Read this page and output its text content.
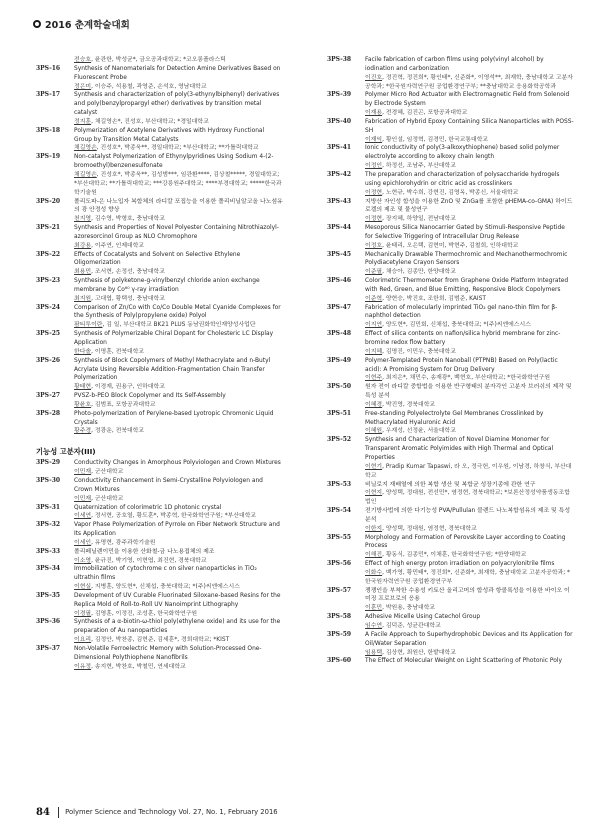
2016 춘계학술대회
전승호, 윤관한, 박성균*, 금오공과대학교; *코오롱플라스틱
3PS-16	Synthesis of Nanomaterials for Detection Amine Derivatives Based on Fluorescent Probe
정은미, 이승주, 석용철, 곽영준, 손석호, 영남대학교
3PS-17	Synthesis and characterization of poly(3-ethynylbiphenyl) derivatives and poly(benzylpropargyl ether) derivatives by transition metal catalyst
정지훈, 채길영손*, 진성호, 부산대학교; *경일대학교
3PS-18	Polymerization of Acetylene Derivatives with Hydroxy Functional Group by Transition Metal Catalysts
채길영손, 진성호*, 박종욱**, 경일대학교; *부산대학교; **가톨릭대학교
3PS-19	Non-catalyst Polymerization of Ethynylpyridines Using Sodium 4-(2-bromoethyl)benzenesulfonate
채길영손, 진성호*, 박종욱**, 김성범***, 임관환****, 김상철*****, 경일대학교; *부산대학교; **가톨릭대학교; ***강릉원주대학교; ****부경대학교; *****한국과학기술원
3PS-20	폴리도파-은 나노입자 복합체의 라디칼 포집능을 이용한 폴리비닐알코올 나노섬유의 광 안정성 향상
천지영, 김수영, 박형호, 충남대학교
3PS-21	Synthesis and Properties of Novel Polyester Containing Nitrothiazolyl-azoresorcinol Group as NLO Chromophore
최강용, 이주연, 인제대학교
3PS-22	Effects of Cocatalysts and Solvent on Selective Ethylene Oligomerization
최용민, 조서현, 손정선, 충남대학교
3PS-23	Synthesis of polyketone-g-vinylbenzyl chloride anion exchange membrane by Co⁶⁰ γ-ray irradiation
최지원, 고대엽, 황택성, 충남대학교
3PS-24	Comparison of Zn/Co with Co/Co Double Metal Cyanide Complexes for the Synthesis of Poly(propylene oxide) Polyol
팜티투이란, 김 일, 부산대학교 BK21 PLUS 동남권화학인재양성사업단
3PS-25	Synthesis of Polymerizable Chiral Dopant for Cholesteric LC Display Application
한다솔, 이명훈, 전북대학교
3PS-26	Synthesis of Block Copolymers of Methyl Methacrylate and n-Butyl Acrylate Using Reversible Addition-Fragmentation Chain Transfer Polymerization
황태현, 이경재, 권용구, 인하대학교
3PS-27	PVSZ-b-PEO Block Copolymer and Its Self-Assembly
황윤호, 김범표, 포항공과대학교
3PS-28	Photo-polymerization of Perylene-based Lyotropic Chromonic Liquid Crystals
황주경, 정광운, 전북대학교
기능성 고분자(III)
3PS-29	Conductivity Changes in Amorphous Polyviologen and Crown Mixtures
이민재, 군산대학교
3PS-30	Conductivity Enhancement in Semi-Crystalline Polyviologen and Crown Mixtures
이민재, 군산대학교
3PS-31	Quaternization of colorimetric 1D photonic crystal
이세연, 정서현, 공호열, 황도훈*, 박종혁, 한국화학연구원; *부산대학교
3PS-32	Vapor Phase Polymerization of Pyrrole on Fiber Network Structure and Its Application
이세인, 유명현, 광주과학기술원
3PS-33	폴리페닐렌이민을 이용한 산화철-금 나노용접체의 제조
이소영, 윤규진, 박기영, 이현엽, 최진현, 경북대학교
3PS-34	Immobilization of cytochrome c on silver nanoparticles in TiO₂ ultrathin films
이현실, 지병훈, 양도현*, 신채섭, 충북대학교; *(주)씨엔에스시스
3PS-35	Development of UV Curable Fluorinated Siloxane-based Resins for the Replica Mold of Roll-to-Roll UV Nanoimprint Lithography
이경필, 김영훈, 이정진, 조성훈, 한국화학연구원
3PS-36	Synthesis of a α-biotin-ω-thiol poly(ethylene oxide) and its use for the preparation of Au nanoparticles
이요리, 김정안, 박찬종, 김현준, 김세훈*, 경희대학교; *KIST
3PS-37	Non-Volatile Ferroelectric Memory with Solution-Processed One-Dimensional Polythiophene Nanofibrils
이유정, 송지현, 박찬호, 박철민, 연세대학교
3PS-38	Facile fabrication of carbon films using poly(vinyl alcohol) by iodination and carbonization
이진호, 정진혁, 정진희*, 황인태*, 신준화*, 이영석**, 최재학, 충남대학교 고분자공학과; *한국원자력연구원 공업환경연구부; **충남대학교 응용화학공학과
3PS-39	Polymer Micro Rod Actuator with Electromagnetic Field from Solenoid by Electrode System
이재용, 전경혜, 김진곤, 포항공과대학교
3PS-40	Fabrication of Hybrid Epoxy Containing Silica Nanoparticles with POSS-SH
이재익, 황인설, 임정혁, 김경민, 한국교통대학교
3PS-41	Ionic conductivity of poly(3-alkoxythiophene) based solid polymer electrolyte according to alkoxy chain length
이정인, 하정선, 조남주, 부산대학교
3PS-42	The preparation and characterization of polysaccharide hydrogels using epichlorohydrin or citric acid as crosslinkers
이정현, 노현규, 박수희, 강현진, 김영옥, 박종신, 서울대학교
3PS-43	지방산 자인성 합성을 이용한 ZnO 및 ZnGa를 포함한 pHEMA-co-GMA) 하이드로겔의 제조 및 물성연구
이정현, 장지혜, 하양일, 전남대학교
3PS-44	Mesoporous Silica Nanocarrier Gated by Stimuli-Responsive Peptide for Selective Triggering of Intracellular Drug Release
이정호, 윤태리, 오은택, 김현미, 박현주, 김철희, 인하대학교
3PS-45	Mechanically Drawable Thermochromic and Mechanothermochromic Polydiacetylene Crayon Sensors
이준필, 채승아, 김종만, 한양대학교
3PS-46	Colorimetric Thermometer from Graphene Oxide Platform Integrated with Red, Green, and Blue Emitting, Responsive Block Copolymers
이준혁, 양현승, 박진호, 조한희, 김범준, KAIST
3PS-47	Fabrication of molecularly imprinted TiO₂ gel nano-thin film for β-naphthol detection
이지연, 양도현*, 김민회, 신채섭, 충북대학교; *(주)씨엔에스시스
3PS-48	Effect of silica contents on nafion/silica hybrid membrane for zinc-bromine redox flow battery
이지혜, 김명진, 이민우, 충북대학교
3PS-49	Polymer-Templated Protein Nanoball (PTPNB) Based on Poly(lactic acid): A Promising System for Drug Delivery
이현주, 최지은*, 채민수, 송재광*, 백현호, 부산대학교; *한국화학연구원
3PS-50	원자 전이 라디칼 중합법을 이용한 반구형태의 분자각인 고분자 브러쉬의 제작 및 특성 분석
이혜경, 박진영, 경북대학교
3PS-51	Free-standing Polyelectrolyte Gel Membranes Crosslinked by Methacrylated Hyaluronic Acid
이혜원, 우재성, 선정윤, 서울대학교
3PS-52	Synthesis and Characterization of Novel Diamine Monomer for Transparent Aromatic Polyimides with High Thermal and Optical Properties
이현기, Pradip Kumar Tapaswi, 라 오, 정극헌, 이우원, 이남경, 하창식, 부산대학교
3PS-53	비닐로지 재배열에 의한 복합 생산 및 복합균 성장기종에 관한 연구
이현지, 양성택, 정대원, 전선민*, 염정현, 경북대학교; *보론산정성약품생동조합법인
3PS-54	전기방사법에 의한 다기능성 PVA/Pullulan 블렌드 나노복합섬유의 제조 및 특성분석
이한지, 양성택, 정대원, 염정현, 경북대학교
3PS-55	Morphology and Formation of Perovskite Layer according to Coating Process
이해진, 황동식, 김종민*, 이채훈, 한국화학연구원; *한양대학교
3PS-56	Effect of high energy proton irradiation on polyacrylonitrile films
이화수, 백가영, 황민태*, 정진희*, 신준화*, 최재학, 충남대학교 고분자공학과; *한국원자력연구원 공업환경연구부
3PS-57	쟁쟁인을 부착한 수용성 키토산 올리고머의 합성과 항콜록성을 이용한 바이오 이미징 프로브로의 응용
이훈민, 박원용, 충남대학교
3PS-58	Adhesive Micelle Using Catechol Group
임수연, 김덕준, 성균관대학교
3PS-59	A Facile Approach to Superhydrophobic Devices and Its Application for Oil/Water Separation
임용택, 김상현, 최원산, 한밭대학교
3PS-60	The Effect of Molecular Weight on Light Scattering of Photonic Poly
84 Polymer Science and Technology Vol. 27, No. 1, February 2016
